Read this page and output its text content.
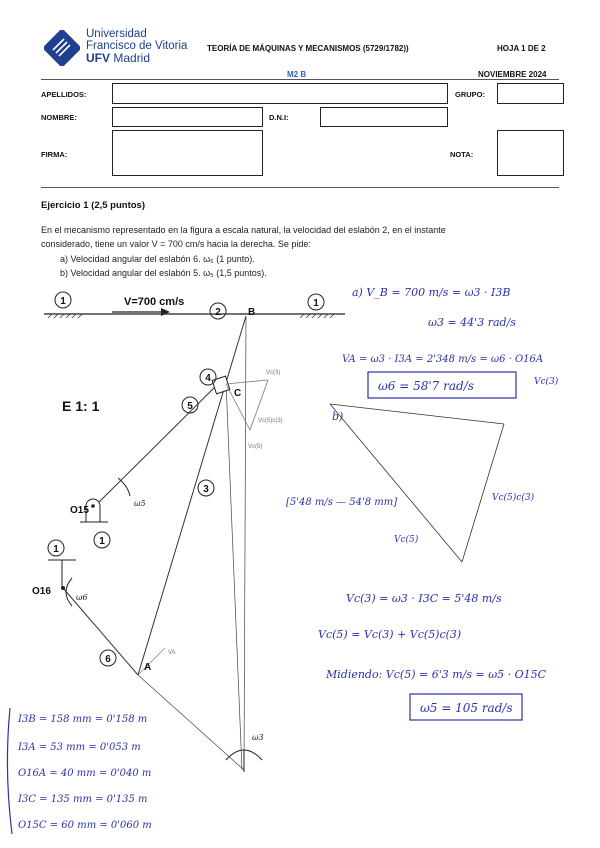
Universidad
Francisco de Vitoria
UFV Madrid
TEORÍA DE MÁQUINAS Y MECANISMOS (5729/1782))	HOJA 1 DE 2
M2 B	NOVIEMBRE 2024
APELLIDOS:	GRUPO:
NOMBRE:	D.N.I:
FIRMA:	NOTA:
Ejercicio 1 (2,5 puntos)
En el mecanismo representado en la figura a escala natural, la velocidad del eslabón 2, en el instante
considerado, tiene un valor V = 700 cm/s hacia la derecha. Se pide:
a) Velocidad angular del eslabón 6. ω₆ (1 punto).
b) Velocidad angular del eslabón 5. ω₅ (1,5 puntos).
E 1: 1
V=700 cm/s
1
2
1
4
5
3
1
1
6
B
C
A
O15
O16
ω5
ω6
ω3
Vc(3)
Vc(5)
Vc(5)c(3)
VA
a) V_B = 700 m/s = ω3 · I3B
ω3 = 44'3 rad/s
VA = ω3 · I3A = 2'348 m/s = ω6 · O16A
b)
[5'48 m/s — 54'8 mm]
Vc(3)
Vc(5)c(3)
Vc(5)
Vc(3) = ω3 · I3C = 5'48 m/s
Vc(5) = Vc(3) + Vc(5)c(3)
Midiendo: Vc(5) = 6'3 m/s = ω5 · O15C
ω6 = 58'7 rad/s
ω5 = 105 rad/s
I3B = 158 mm = 0'158 m
I3A = 53 mm = 0'053 m
O16A = 40 mm = 0'040 m
I3C = 135 mm = 0'135 m
O15C = 60 mm = 0'060 m
